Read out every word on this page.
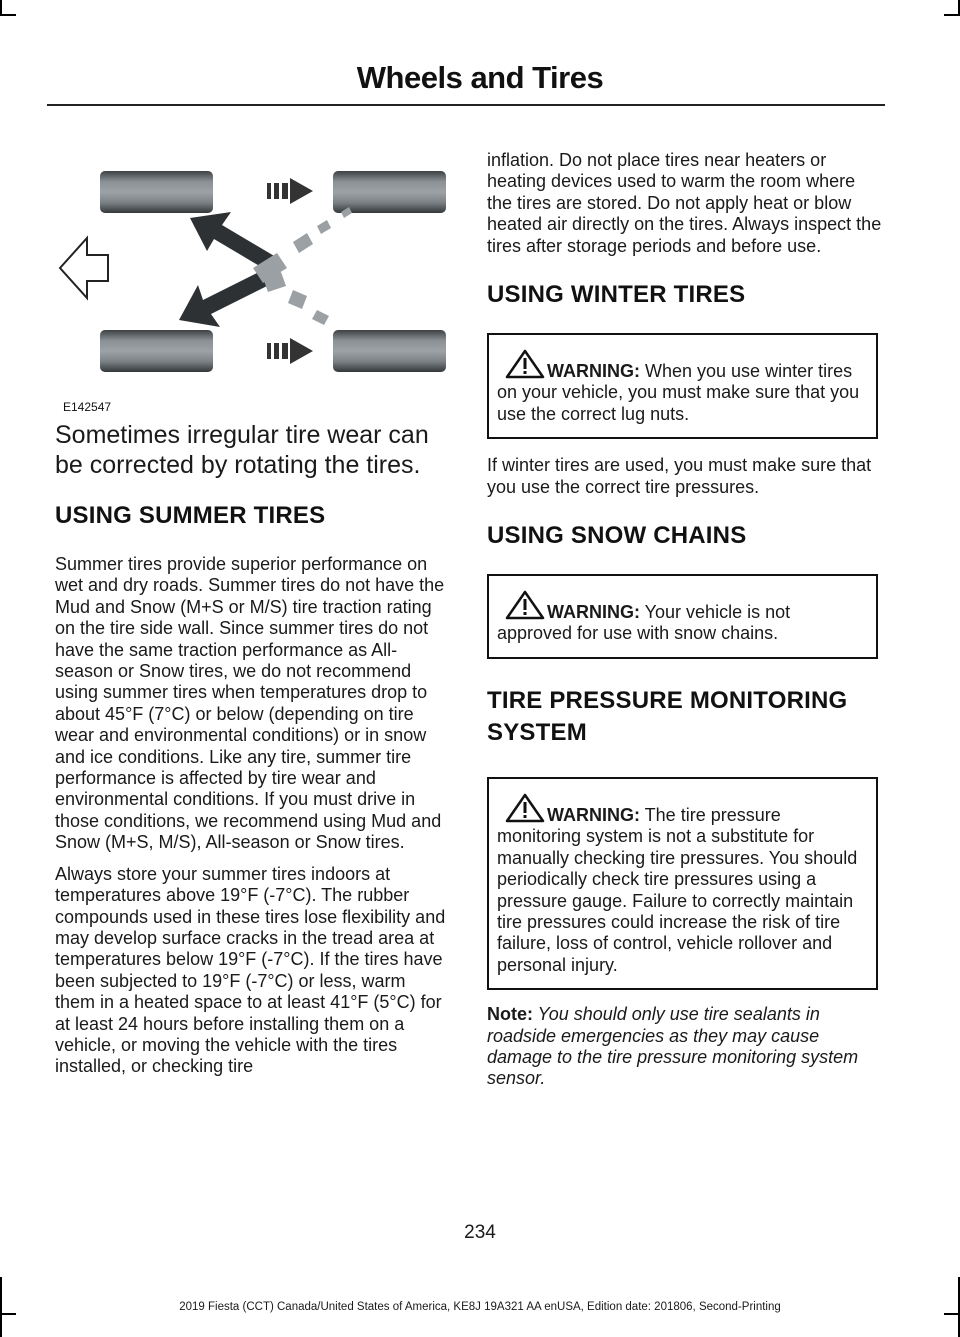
Wheels and Tires
E142547

Sometimes irregular tire wear can be corrected by rotating the tires.

USING SUMMER TIRES

Summer tires provide superior performance on wet and dry roads. Summer tires do not have the Mud and Snow (M+S or M/S) tire traction rating on the tire side wall. Since summer tires do not have the same traction performance as All-season or Snow tires, we do not recommend using summer tires when temperatures drop to about 45°F (7°C) or below (depending on tire wear and environmental conditions) or in snow and ice conditions. Like any tire, summer tire performance is affected by tire wear and environmental conditions. If you must drive in those conditions, we recommend using Mud and Snow (M+S, M/S), All-season or Snow tires.

Always store your summer tires indoors at temperatures above 19°F (-7°C). The rubber compounds used in these tires lose flexibility and may develop surface cracks in the tread area at temperatures below 19°F (-7°C). If the tires have been subjected to 19°F (-7°C) or less, warm them in a heated space to at least 41°F (5°C) for at least 24 hours before installing them on a vehicle, or moving the vehicle with the tires installed, or checking tire

inflation. Do not place tires near heaters or heating devices used to warm the room where the tires are stored. Do not apply heat or blow heated air directly on the tires. Always inspect the tires after storage periods and before use.

USING WINTER TIRES
WARNING: When you use winter tires on your vehicle, you must make sure that you use the correct lug nuts.

If winter tires are used, you must make sure that you use the correct tire pressures.

USING SNOW CHAINS
WARNING: Your vehicle is not approved for use with snow chains.
TIRE PRESSURE MONITORING
SYSTEM
WARNING: The tire pressure monitoring system is not a substitute for manually checking tire pressures. You should periodically check tire pressures using a pressure gauge. Failure to correctly maintain tire pressures could increase the risk of tire failure, loss of control, vehicle rollover and personal injury.

Note: You should only use tire sealants in roadside emergencies as they may cause damage to the tire pressure monitoring system sensor.

234
2019 Fiesta (CCT) Canada/United States of America, KE8J 19A321 AA enUSA, Edition date: 201806, Second-Printing
